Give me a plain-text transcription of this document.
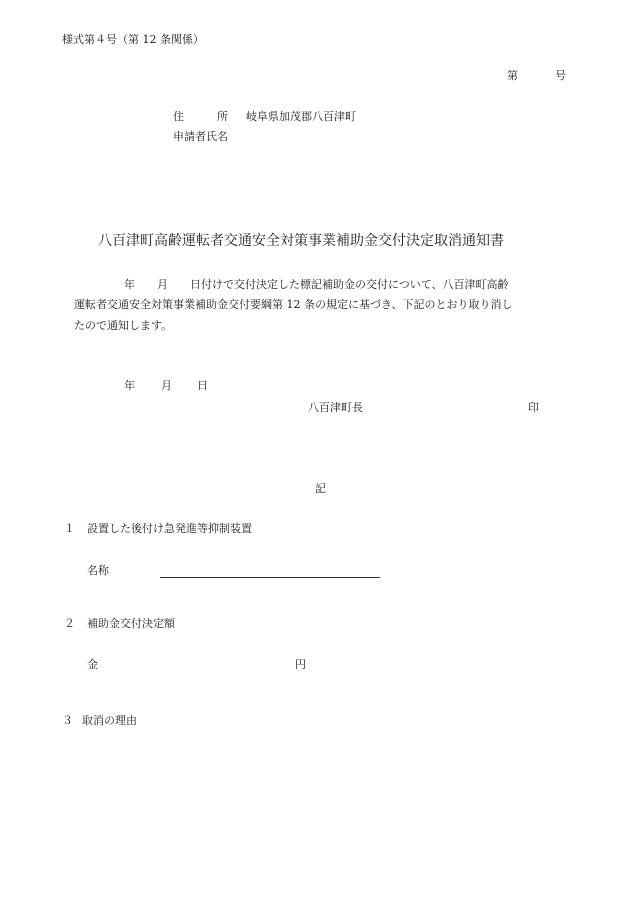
様式第４号（第 12 条関係）
第	号
住　　　所 岐阜県加茂郡八百津町
申請者氏名
八百津町高齢運転者交通安全対策事業補助金交付決定取消通知書
年　　月　　日付けで交付決定した標記補助金の交付について、八百津町高齢
運転者交通安全対策事業補助金交付要綱第 12 条の規定に基づき、下記のとおり取り消し
たので通知します。
年 月 日
八百津町長	印
記
１ 設置した後付け急発進等抑制装置
名称
２ 補助金交付決定額
金	円
３ 取消の理由
